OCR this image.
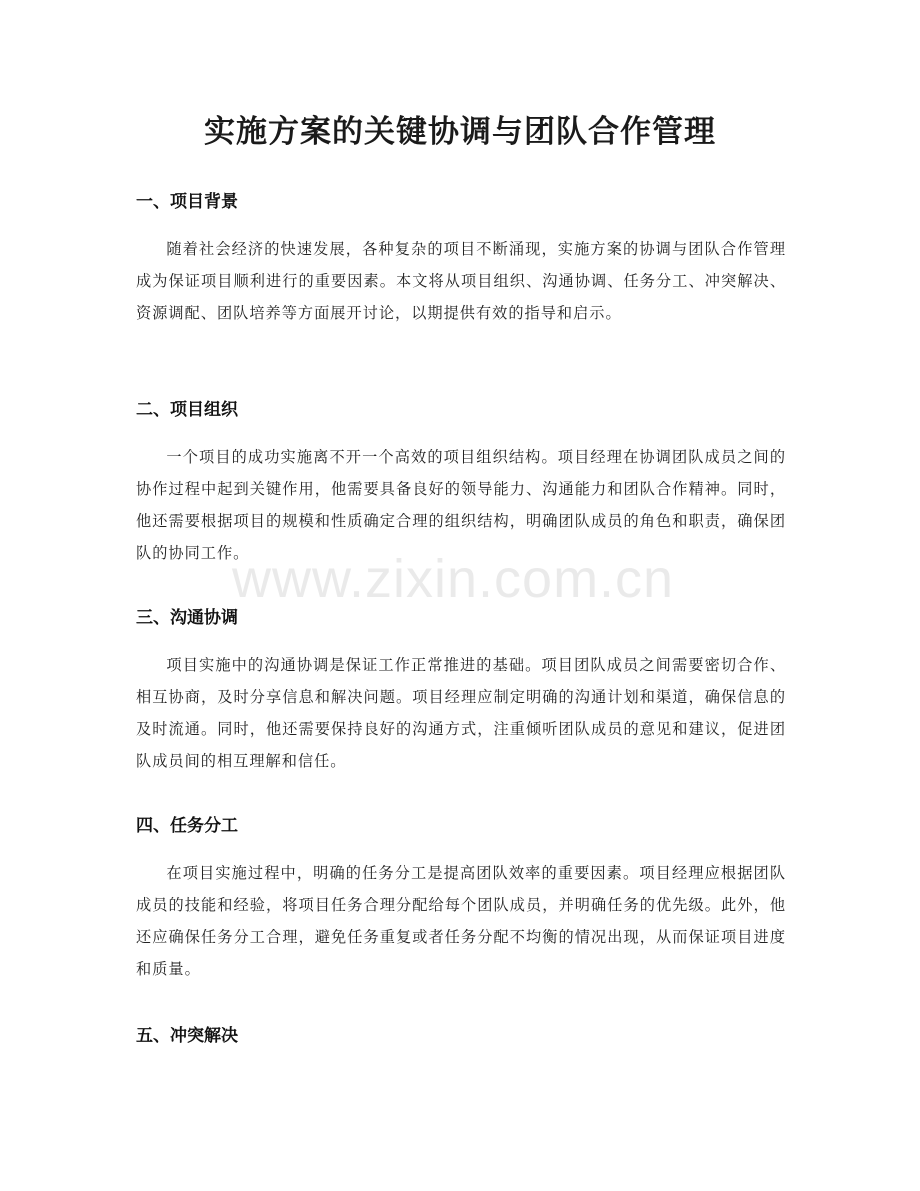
实施方案的关键协调与团队合作管理
www.zixin.com.cn
一、项目背景

随着社会经济的快速发展，各种复杂的项目不断涌现，实施方案的协调与团队合作管理成为保证项目顺利进行的重要因素。本文将从项目组织、沟通协调、任务分工、冲突解决、资源调配、团队培养等方面展开讨论，以期提供有效的指导和启示。

二、项目组织

一个项目的成功实施离不开一个高效的项目组织结构。项目经理在协调团队成员之间的协作过程中起到关键作用，他需要具备良好的领导能力、沟通能力和团队合作精神。同时，他还需要根据项目的规模和性质确定合理的组织结构，明确团队成员的角色和职责，确保团队的协同工作。

三、沟通协调

项目实施中的沟通协调是保证工作正常推进的基础。项目团队成员之间需要密切合作、相互协商，及时分享信息和解决问题。项目经理应制定明确的沟通计划和渠道，确保信息的及时流通。同时，他还需要保持良好的沟通方式，注重倾听团队成员的意见和建议，促进团队成员间的相互理解和信任。

四、任务分工

在项目实施过程中，明确的任务分工是提高团队效率的重要因素。项目经理应根据团队成员的技能和经验，将项目任务合理分配给每个团队成员，并明确任务的优先级。此外，他还应确保任务分工合理，避免任务重复或者任务分配不均衡的情况出现，从而保证项目进度和质量。

五、冲突解决
